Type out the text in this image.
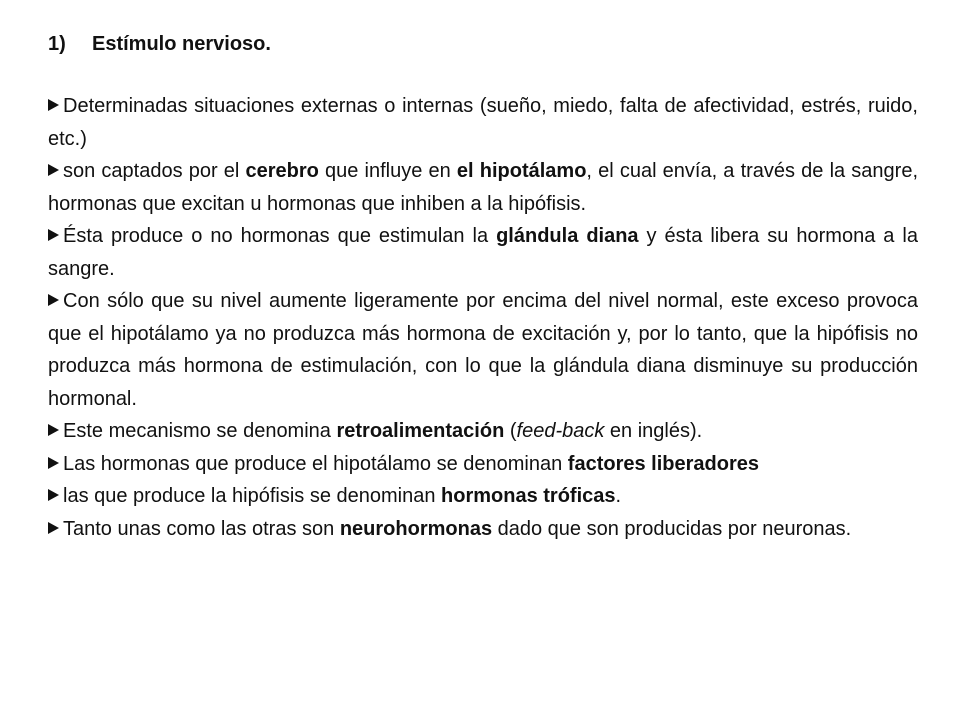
1) Estímulo nervioso.
Determinadas situaciones externas o internas (sueño, miedo, falta de afectividad, estrés, ruido, etc.)
son captados por el cerebro que influye en el hipotálamo, el cual envía, a través de la sangre, hormonas que excitan u hormonas que inhiben a la hipófisis.
Ésta produce o no hormonas que estimulan la glándula diana y ésta libera su hormona a la sangre.
Con sólo que su nivel aumente ligeramente por encima del nivel normal, este exceso provoca que el hipotálamo ya no produzca más hormona de excitación y, por lo tanto, que la hipófisis no produzca más hormona de estimulación, con lo que la glándula diana disminuye su producción hormonal.
Este mecanismo se denomina retroalimentación (feed-back en inglés).
Las hormonas que produce el hipotálamo se denominan factores liberadores
las que produce la hipófisis se denominan hormonas tróficas.
Tanto unas como las otras son neurohormonas dado que son producidas por neuronas.
